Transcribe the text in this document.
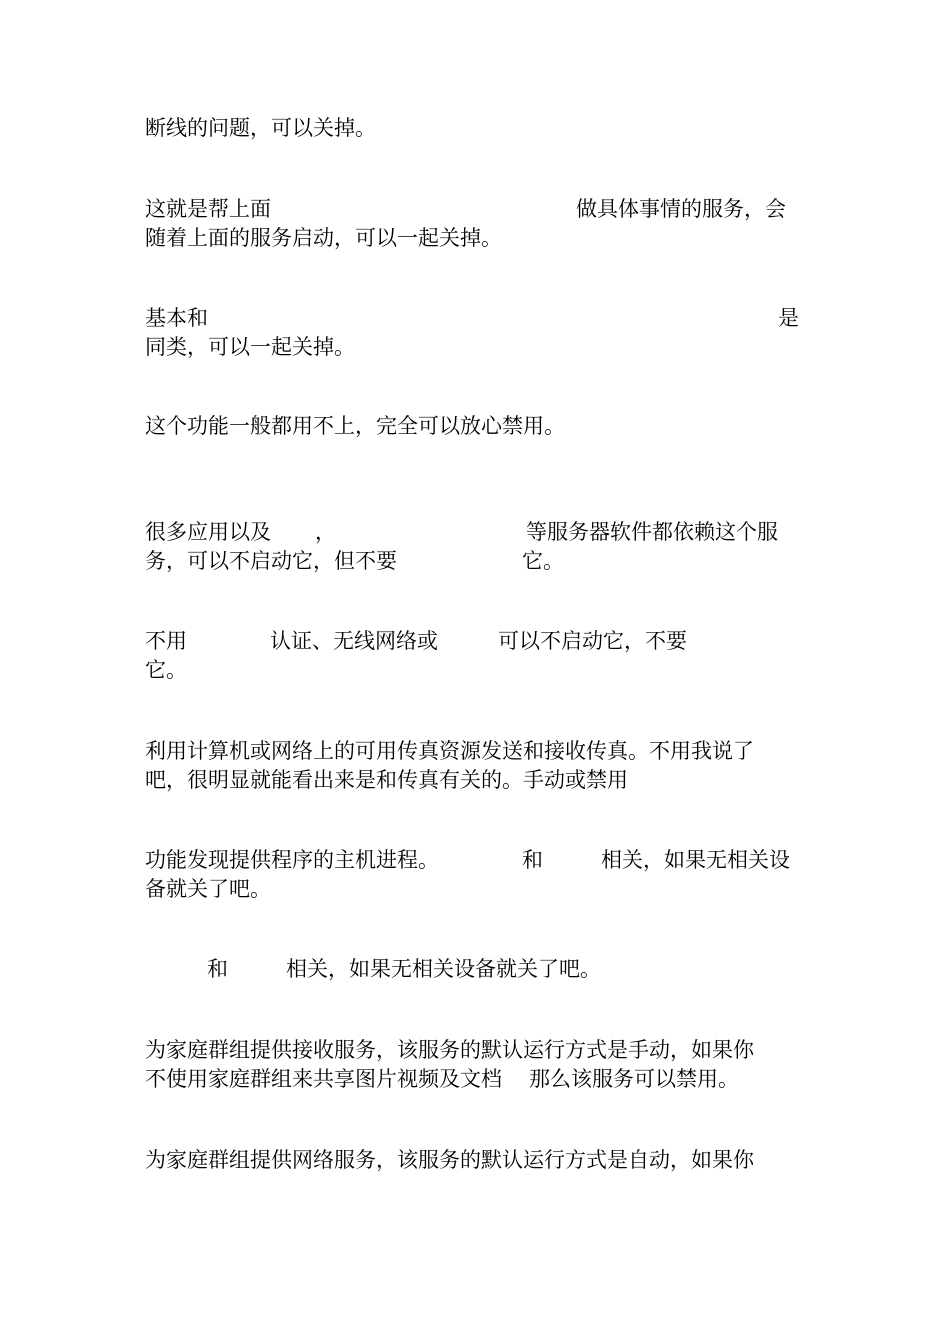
断线的问题，可以关掉。
这就是帮上面	做具体事情的服务，会
随着上面的服务启动，可以一起关掉。
基本和	是
同类，可以一起关掉。
这个功能一般都用不上，完全可以放心禁用。
很多应用以及 ，	等服务器软件都依赖这个服
务，可以不启动它，但不要	它。
不用	认证、无线网络或	可以不启动它，不要
它。
利用计算机或网络上的可用传真资源发送和接收传真。不用我说了
吧，很明显就能看出来是和传真有关的。手动或禁用
功能发现提供程序的主机进程。	和	相关，如果无相关设
备就关了吧。
和	相关，如果无相关设备就关了吧。
为家庭群组提供接收服务，该服务的默认运行方式是手动，如果你
不使用家庭群组来共享图片视频及文档 那么该服务可以禁用。
为家庭群组提供网络服务，该服务的默认运行方式是自动，如果你
